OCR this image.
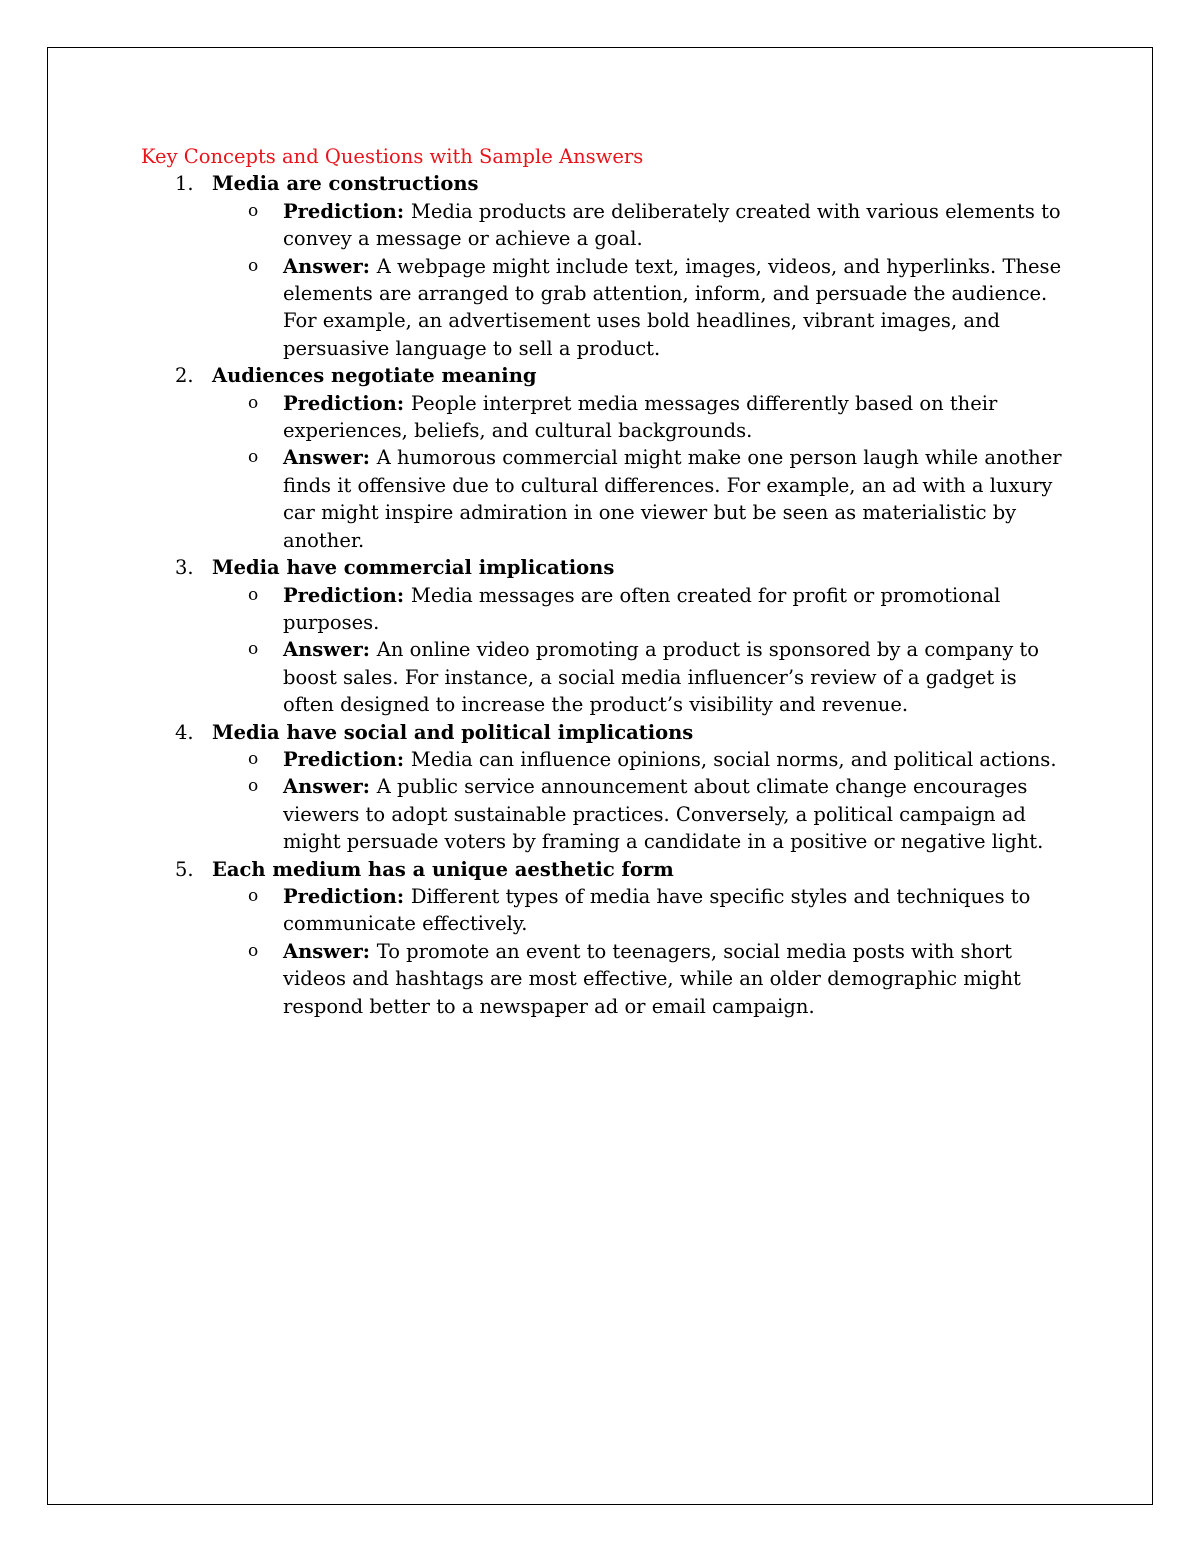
Key Concepts and Questions with Sample Answers
1. Media are constructions
o Prediction: Media products are deliberately created with various elements to convey a message or achieve a goal.
o Answer: A webpage might include text, images, videos, and hyperlinks. These elements are arranged to grab attention, inform, and persuade the audience. For example, an advertisement uses bold headlines, vibrant images, and persuasive language to sell a product.
2. Audiences negotiate meaning
o Prediction: People interpret media messages differently based on their experiences, beliefs, and cultural backgrounds.
o Answer: A humorous commercial might make one person laugh while another finds it offensive due to cultural differences. For example, an ad with a luxury car might inspire admiration in one viewer but be seen as materialistic by another.
3. Media have commercial implications
o Prediction: Media messages are often created for profit or promotional purposes.
o Answer: An online video promoting a product is sponsored by a company to boost sales. For instance, a social media influencer’s review of a gadget is often designed to increase the product’s visibility and revenue.
4. Media have social and political implications
o Prediction: Media can influence opinions, social norms, and political actions.
o Answer: A public service announcement about climate change encourages viewers to adopt sustainable practices. Conversely, a political campaign ad might persuade voters by framing a candidate in a positive or negative light.
5. Each medium has a unique aesthetic form
o Prediction: Different types of media have specific styles and techniques to communicate effectively.
o Answer: To promote an event to teenagers, social media posts with short videos and hashtags are most effective, while an older demographic might respond better to a newspaper ad or email campaign.
